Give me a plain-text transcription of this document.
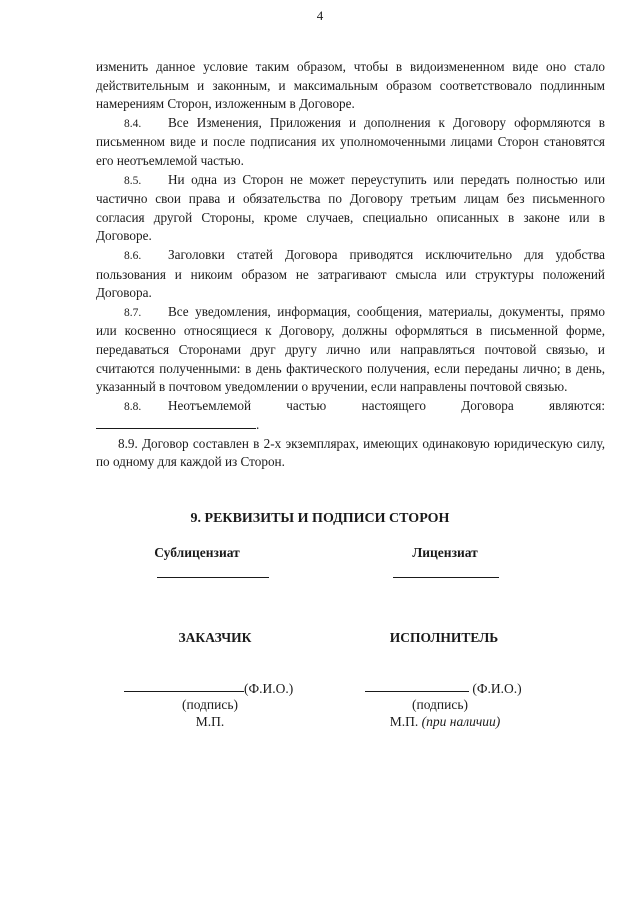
4

изменить данное условие таким образом, чтобы в видоизмененном виде оно стало действительным и законным, и максимальным образом соответствовало подлинным намерениям Сторон, изложенным в Договоре.

8.4. Все Изменения, Приложения и дополнения к Договору оформляются в письменном виде и после подписания их уполномоченными лицами Сторон становятся его неотъемлемой частью.

8.5. Ни одна из Сторон не может переуступить или передать полностью или частично свои права и обязательства по Договору третьим лицам без письменного согласия другой Стороны, кроме случаев, специально описанных в законе или в Договоре.

8.6. Заголовки статей Договора приводятся исключительно для удобства пользования и никоим образом не затрагивают смысла или структуры положений Договора.

8.7. Все уведомления, информация, сообщения, материалы, документы, прямо или косвенно относящиеся к Договору, должны оформляться в письменной форме, передаваться Сторонами друг другу лично или направляться почтовой связью, и считаются полученными: в день фактического получения, если переданы лично; в день, указанный в почтовом уведомлении о вручении, если направлены почтовой связью.

8.8. Неотъемлемой частью настоящего Договора являются:

.

8.9. Договор составлен в 2-х экземплярах, имеющих одинаковую юридическую силу, по одному для каждой из Сторон.

9. РЕКВИЗИТЫ И ПОДПИСИ СТОРОН
Сублицензиат	Лицензиат
ЗАКАЗЧИК	ИСПОЛНИТЕЛЬ
(Ф.И.О.)	(Ф.И.О.)
(подпись)	(подпись)
М.П.	М.П. (при наличии)
